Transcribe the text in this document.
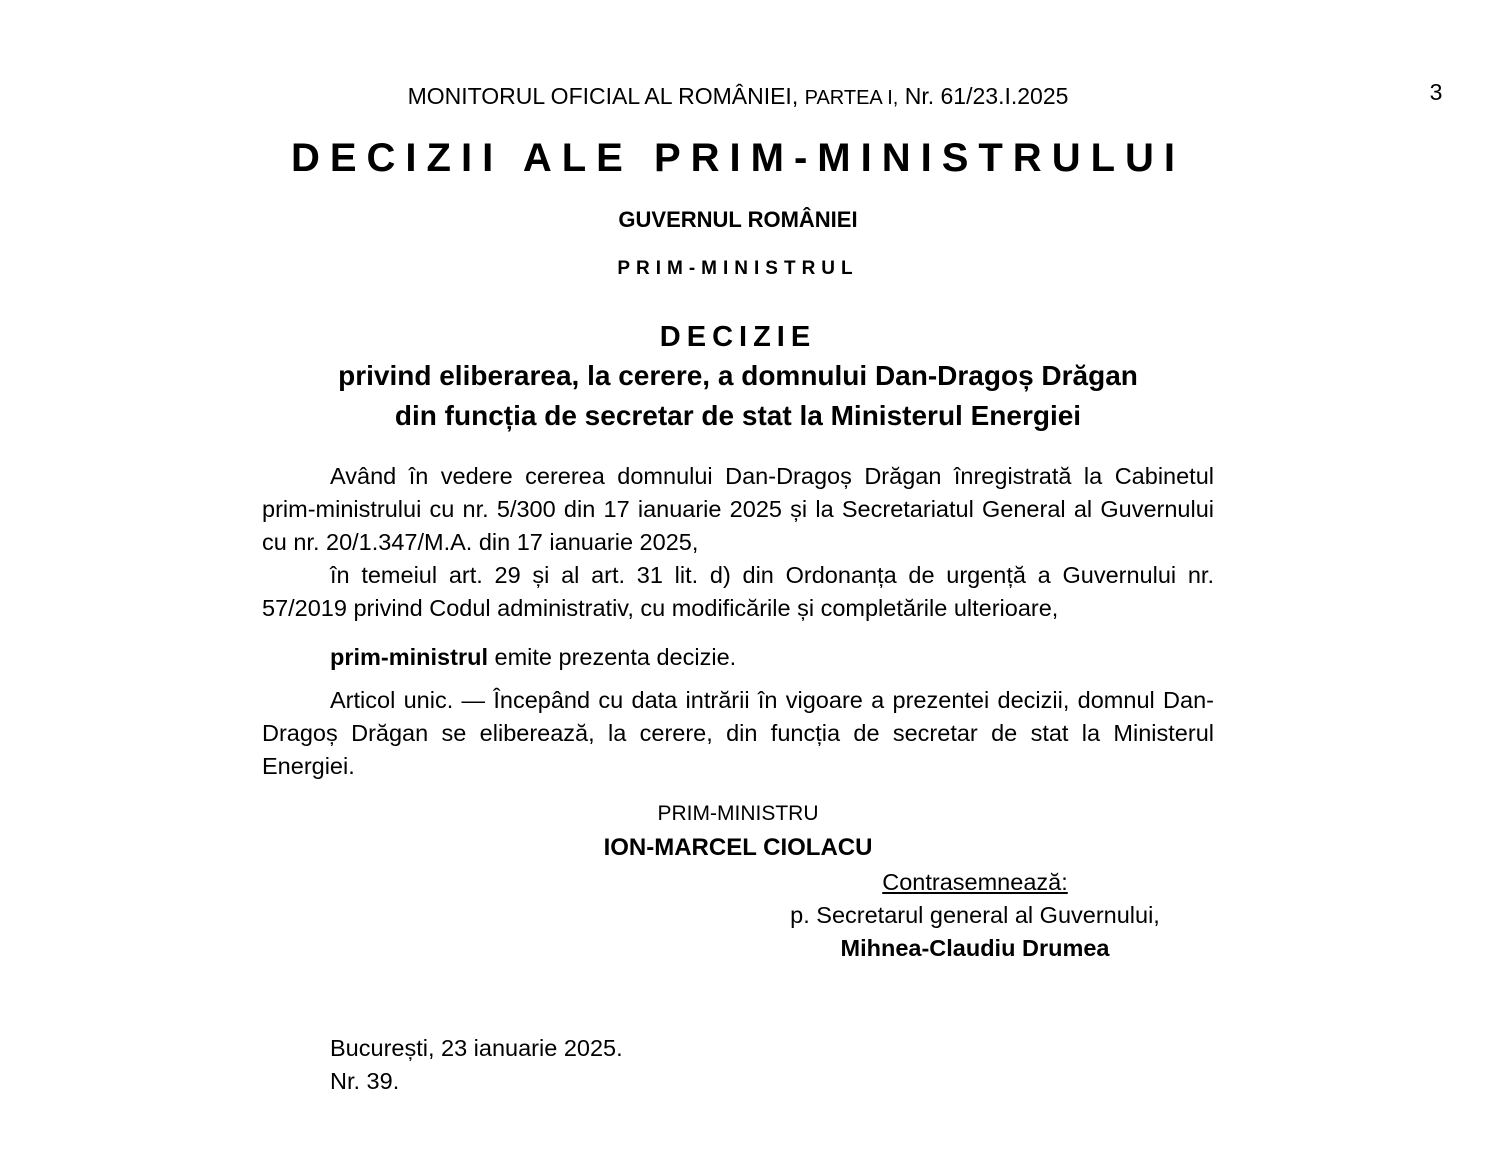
MONITORUL OFICIAL AL ROMÂNIEI, PARTEA I, Nr. 61/23.I.2025	3
DECIZII ALE PRIM-MINISTRULUI
GUVERNUL ROMÂNIEI
PRIM-MINISTRUL
DECIZIE
privind eliberarea, la cerere, a domnului Dan-Dragoș Drăgan
din funcția de secretar de stat la Ministerul Energiei

Având în vedere cererea domnului Dan-Dragoș Drăgan înregistrată la Cabinetul prim-ministrului cu nr. 5/300 din 17 ianuarie 2025 și la Secretariatul General al Guvernului cu nr. 20/1.347/M.A. din 17 ianuarie 2025,

în temeiul art. 29 și al art. 31 lit. d) din Ordonanța de urgență a Guvernului nr. 57/2019 privind Codul administrativ, cu modificările și completările ulterioare,

prim-ministrul emite prezenta decizie.

Articol unic. — Începând cu data intrării în vigoare a prezentei decizii, domnul Dan-Dragoș Drăgan se eliberează, la cerere, din funcția de secretar de stat la Ministerul Energiei.

PRIM-MINISTRU
ION-MARCEL CIOLACU
Contrasemnează:
p. Secretarul general al Guvernului,
Mihnea-Claudiu Drumea
București, 23 ianuarie 2025.
Nr. 39.
